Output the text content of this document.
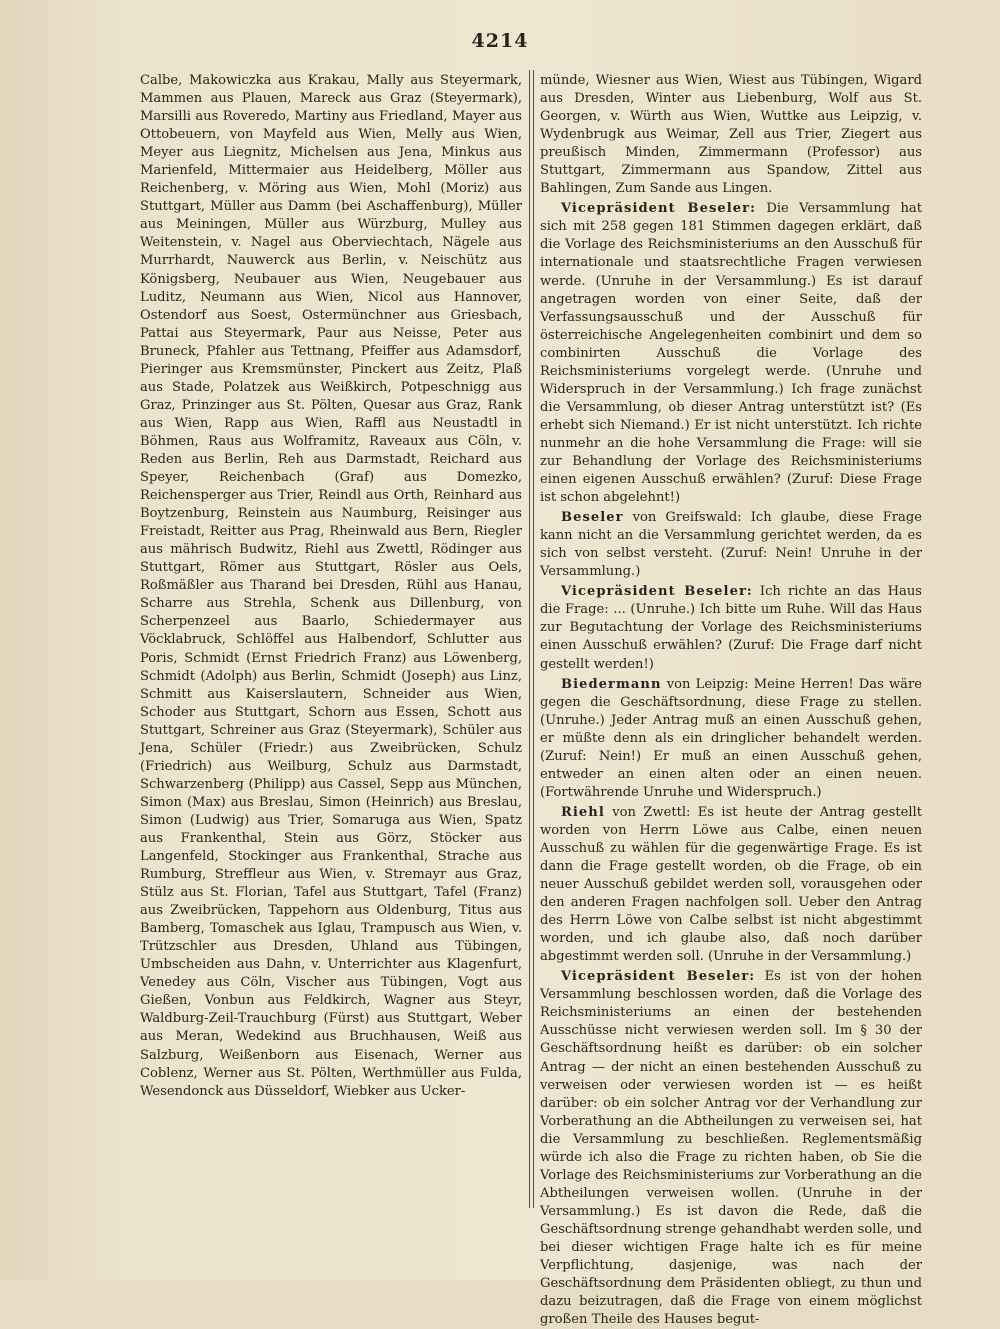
4214

Calbe, Makowiczka aus Krakau, Mally aus Steyermark, Mammen aus Plauen, Mareck aus Graz (Steyermark), Marsilli aus Roveredo, Martiny aus Friedland, Mayer aus Ottobeuern, von Mayfeld aus Wien, Melly aus Wien, Meyer aus Liegnitz, Michelsen aus Jena, Minkus aus Marienfeld, Mittermaier aus Heidelberg, Möller aus Reichenberg, v. Möring aus Wien, Mohl (Moriz) aus Stuttgart, Müller aus Damm (bei Aschaffenburg), Müller aus Meiningen, Müller aus Würzburg, Mulley aus Weitenstein, v. Nagel aus Oberviechtach, Nägele aus Murrhardt, Nauwerck aus Berlin, v. Neischütz aus Königsberg, Neubauer aus Wien, Neugebauer aus Luditz, Neumann aus Wien, Nicol aus Hannover, Ostendorf aus Soest, Ostermünchner aus Griesbach, Pattai aus Steyermark, Paur aus Neisse, Peter aus Bruneck, Pfahler aus Tettnang, Pfeiffer aus Adamsdorf, Pieringer aus Kremsmünster, Pinckert aus Zeitz, Plaß aus Stade, Polatzek aus Weißkirch, Potpeschnigg aus Graz, Prinzinger aus St. Pölten, Quesar aus Graz, Rank aus Wien, Rapp aus Wien, Raffl aus Neustadtl in Böhmen, Raus aus Wolframitz, Raveaux aus Cöln, v. Reden aus Berlin, Reh aus Darmstadt, Reichard aus Speyer, Reichenbach (Graf) aus Domezko, Reichensperger aus Trier, Reindl aus Orth, Reinhard aus Boytzenburg, Reinstein aus Naumburg, Reisinger aus Freistadt, Reitter aus Prag, Rheinwald aus Bern, Riegler aus mährisch Budwitz, Riehl aus Zwettl, Rödinger aus Stuttgart, Römer aus Stuttgart, Rösler aus Oels, Roßmäßler aus Tharand bei Dresden, Rühl aus Hanau, Scharre aus Strehla, Schenk aus Dillenburg, von Scherpenzeel aus Baarlo, Schiedermayer aus Vöcklabruck, Schlöffel aus Halbendorf, Schlutter aus Poris, Schmidt (Ernst Friedrich Franz) aus Löwenberg, Schmidt (Adolph) aus Berlin, Schmidt (Joseph) aus Linz, Schmitt aus Kaiserslautern, Schneider aus Wien, Schoder aus Stuttgart, Schorn aus Essen, Schott aus Stuttgart, Schreiner aus Graz (Steyermark), Schüler aus Jena, Schüler (Friedr.) aus Zweibrücken, Schulz (Friedrich) aus Weilburg, Schulz aus Darmstadt, Schwarzenberg (Philipp) aus Cassel, Sepp aus München, Simon (Max) aus Breslau, Simon (Heinrich) aus Breslau, Simon (Ludwig) aus Trier, Somaruga aus Wien, Spatz aus Frankenthal, Stein aus Görz, Stöcker aus Langenfeld, Stockinger aus Frankenthal, Strache aus Rumburg, Streffleur aus Wien, v. Stremayr aus Graz, Stülz aus St. Florian, Tafel aus Stuttgart, Tafel (Franz) aus Zweibrücken, Tappehorn aus Oldenburg, Titus aus Bamberg, Tomaschek aus Iglau, Trampusch aus Wien, v. Trützschler aus Dresden, Uhland aus Tübingen, Umbscheiden aus Dahn, v. Unterrichter aus Klagenfurt, Venedey aus Cöln, Vischer aus Tübingen, Vogt aus Gießen, Vonbun aus Feldkirch, Wagner aus Steyr, Waldburg-Zeil-Trauchburg (Fürst) aus Stuttgart, Weber aus Meran, Wedekind aus Bruchhausen, Weiß aus Salzburg, Weißenborn aus Eisenach, Werner aus Coblenz, Werner aus St. Pölten, Werthmüller aus Fulda, Wesendonck aus Düsseldorf, Wiebker aus Ucker-

münde, Wiesner aus Wien, Wiest aus Tübingen, Wigard aus Dresden, Winter aus Liebenburg, Wolf aus St. Georgen, v. Würth aus Wien, Wuttke aus Leipzig, v. Wydenbrugk aus Weimar, Zell aus Trier, Ziegert aus preußisch Minden, Zimmermann (Professor) aus Stuttgart, Zimmermann aus Spandow, Zittel aus Bahlingen, Zum Sande aus Lingen.

Vicepräsident Beseler: Die Versammlung hat sich mit 258 gegen 181 Stimmen dagegen erklärt, daß die Vorlage des Reichsministeriums an den Ausschuß für internationale und staatsrechtliche Fragen verwiesen werde. (Unruhe in der Versammlung.) Es ist darauf angetragen worden von einer Seite, daß der Verfassungsausschuß und der Ausschuß für österreichische Angelegenheiten combinirt und dem so combinirten Ausschuß die Vorlage des Reichsministeriums vorgelegt werde. (Unruhe und Widerspruch in der Versammlung.) Ich frage zunächst die Versammlung, ob dieser Antrag unterstützt ist? (Es erhebt sich Niemand.) Er ist nicht unterstützt. Ich richte nunmehr an die hohe Versammlung die Frage: will sie zur Behandlung der Vorlage des Reichsministeriums einen eigenen Ausschuß erwählen? (Zuruf: Diese Frage ist schon abgelehnt!)

Beseler von Greifswald: Ich glaube, diese Frage kann nicht an die Versammlung gerichtet werden, da es sich von selbst versteht. (Zuruf: Nein! Unruhe in der Versammlung.)

Vicepräsident Beseler: Ich richte an das Haus die Frage: ... (Unruhe.) Ich bitte um Ruhe. Will das Haus zur Begutachtung der Vorlage des Reichsministeriums einen Ausschuß erwählen? (Zuruf: Die Frage darf nicht gestellt werden!)

Biedermann von Leipzig: Meine Herren! Das wäre gegen die Geschäftsordnung, diese Frage zu stellen. (Unruhe.) Jeder Antrag muß an einen Ausschuß gehen, er müßte denn als ein dringlicher behandelt werden. (Zuruf: Nein!) Er muß an einen Ausschuß gehen, entweder an einen alten oder an einen neuen. (Fortwährende Unruhe und Widerspruch.)

Riehl von Zwettl: Es ist heute der Antrag gestellt worden von Herrn Löwe aus Calbe, einen neuen Ausschuß zu wählen für die gegenwärtige Frage. Es ist dann die Frage gestellt worden, ob die Frage, ob ein neuer Ausschuß gebildet werden soll, vorausgehen oder den anderen Fragen nachfolgen soll. Ueber den Antrag des Herrn Löwe von Calbe selbst ist nicht abgestimmt worden, und ich glaube also, daß noch darüber abgestimmt werden soll. (Unruhe in der Versammlung.)

Vicepräsident Beseler: Es ist von der hohen Versammlung beschlossen worden, daß die Vorlage des Reichsministeriums an einen der bestehenden Ausschüsse nicht verwiesen werden soll. Im § 30 der Geschäftsordnung heißt es darüber: ob ein solcher Antrag — der nicht an einen bestehenden Ausschuß zu verweisen oder verwiesen worden ist — es heißt darüber: ob ein solcher Antrag vor der Verhandlung zur Vorberathung an die Abtheilungen zu verweisen sei, hat die Versammlung zu beschließen. Reglementsmäßig würde ich also die Frage zu richten haben, ob Sie die Vorlage des Reichsministeriums zur Vorberathung an die Abtheilungen verweisen wollen. (Unruhe in der Versammlung.) Es ist davon die Rede, daß die Geschäftsordnung strenge gehandhabt werden solle, und bei dieser wichtigen Frage halte ich es für meine Verpflichtung, dasjenige, was nach der Geschäftsordnung dem Präsidenten obliegt, zu thun und dazu beizutragen, daß die Frage von einem möglichst großen Theile des Hauses begut-
